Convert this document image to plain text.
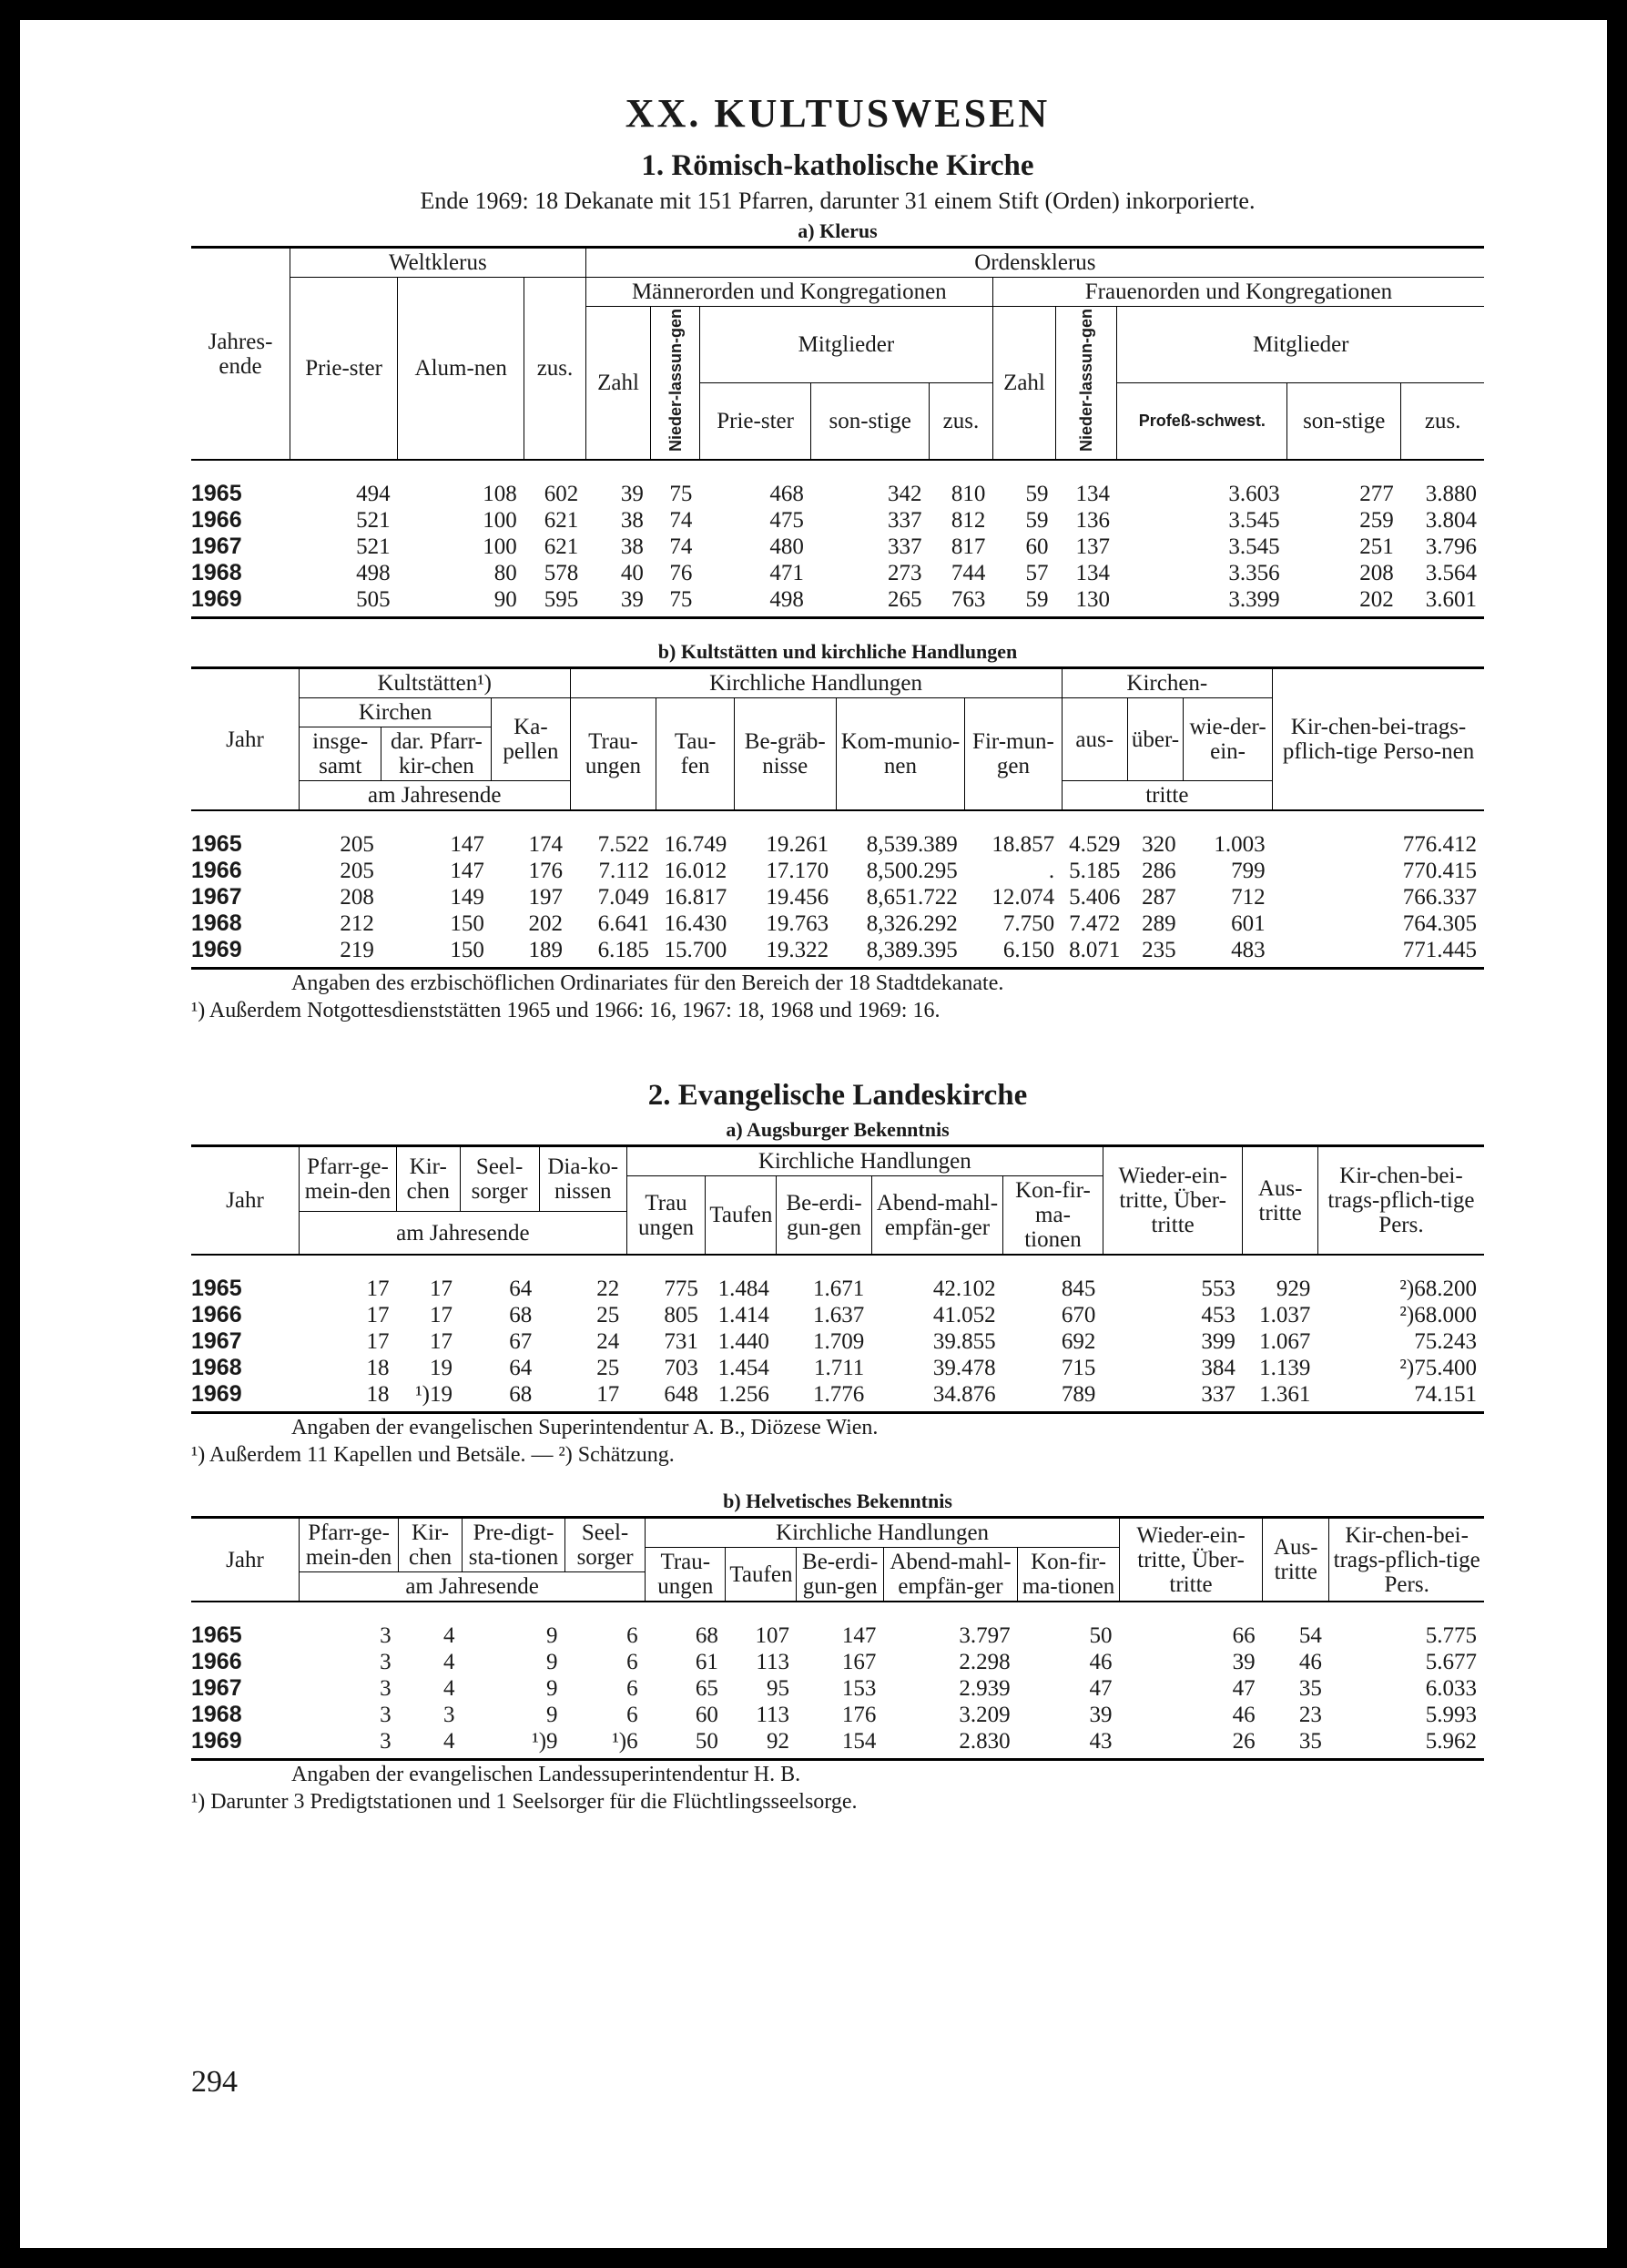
XX. KULTUSWESEN
1. Römisch-katholische Kirche

Ende 1969: 18 Dekanate mit 151 Pfarren, darunter 31 einem Stift (Orden) inkorporierte.

a) Klerus
Jahres-ende	Weltklerus			Ordensklerus									
	Prie-ster	Alum-nen	zus.	Männerorden und Kongregationen					Frauenorden und Kongregationen				
				Zahl	Nieder-lassun-gen	Mitglieder			Zahl	Nieder-lassun-gen	Mitglieder		
						Prie-ster	son-stige	zus.			Profeß-schwest.	son-stige	zus.
1965	494	108	602	39	75	468	342	810	59	134	3.603	277	3.880
1966	521	100	621	38	74	475	337	812	59	136	3.545	259	3.804
1967	521	100	621	38	74	480	337	817	60	137	3.545	251	3.796
1968	498	80	578	40	76	471	273	744	57	134	3.356	208	3.564
1969	505	90	595	39	75	498	265	763	59	130	3.399	202	3.601
b) Kultstätten und kirchliche Handlungen
Jahr	Kultstätten¹)			Kirchliche Handlungen					Kirchen-			Kir-chen-bei-trags-pflich-tige Perso-nen
	Kirchen		Ka-pellen	Trau-ungen	Tau-fen	Be-gräb-nisse	Kom-munio-nen	Fir-mun-gen	aus-	über-	wie-der-ein-	
	insge-samt	dar. Pfarr-kir-chen										
	am Jahresende								tritte			
1965	205	147	174	7.522	16.749	19.261	8,539.389	18.857	4.529	320	1.003	776.412
1966	205	147	176	7.112	16.012	17.170	8,500.295	.	5.185	286	799	770.415
1967	208	149	197	7.049	16.817	19.456	8,651.722	12.074	5.406	287	712	766.337
1968	212	150	202	6.641	16.430	19.763	8,326.292	7.750	7.472	289	601	764.305
1969	219	150	189	6.185	15.700	19.322	8,389.395	6.150	8.071	235	483	771.445

Angaben des erzbischöflichen Ordinariates für den Bereich der 18 Stadtdekanate.

¹) Außerdem Notgottesdienststätten 1965 und 1966: 16, 1967: 18, 1968 und 1969: 16.

2. Evangelische Landeskirche
a) Augsburger Bekenntnis
Jahr	Pfarr-ge-mein-den	Kir-chen	Seel-sorger	Dia-ko-nissen	Kirchliche Handlungen					Wieder-ein-tritte, Über-tritte	Aus-tritte	Kir-chen-bei-trags-pflich-tige Pers.
					Trau ungen	Taufen	Be-erdi-gun-gen	Abend-mahl-empfän-ger	Kon-fir-ma-tionen			
	am Jahresende											
1965	17	17	64	22	775	1.484	1.671	42.102	845	553	929	²)68.200
1966	17	17	68	25	805	1.414	1.637	41.052	670	453	1.037	²)68.000
1967	17	17	67	24	731	1.440	1.709	39.855	692	399	1.067	75.243
1968	18	19	64	25	703	1.454	1.711	39.478	715	384	1.139	²)75.400
1969	18	¹)19	68	17	648	1.256	1.776	34.876	789	337	1.361	74.151

Angaben der evangelischen Superintendentur A. B., Diözese Wien.

¹) Außerdem 11 Kapellen und Betsäle. — ²) Schätzung.

b) Helvetisches Bekenntnis
Jahr	Pfarr-ge-mein-den	Kir-chen	Pre-digt-sta-tionen	Seel-sorger	Kirchliche Handlungen					Wieder-ein-tritte, Über-tritte	Aus-tritte	Kir-chen-bei-trags-pflich-tige Pers.
					Trau-ungen	Taufen	Be-erdi-gun-gen	Abend-mahl-empfän-ger	Kon-fir-ma-tionen			
	am Jahresende											
1965	3	4	9	6	68	107	147	3.797	50	66	54	5.775
1966	3	4	9	6	61	113	167	2.298	46	39	46	5.677
1967	3	4	9	6	65	95	153	2.939	47	47	35	6.033
1968	3	3	9	6	60	113	176	3.209	39	46	23	5.993
1969	3	4	¹)9	¹)6	50	92	154	2.830	43	26	35	5.962

Angaben der evangelischen Landessuperintendentur H. B.

¹) Darunter 3 Predigtstationen und 1 Seelsorger für die Flüchtlingsseelsorge.

294
